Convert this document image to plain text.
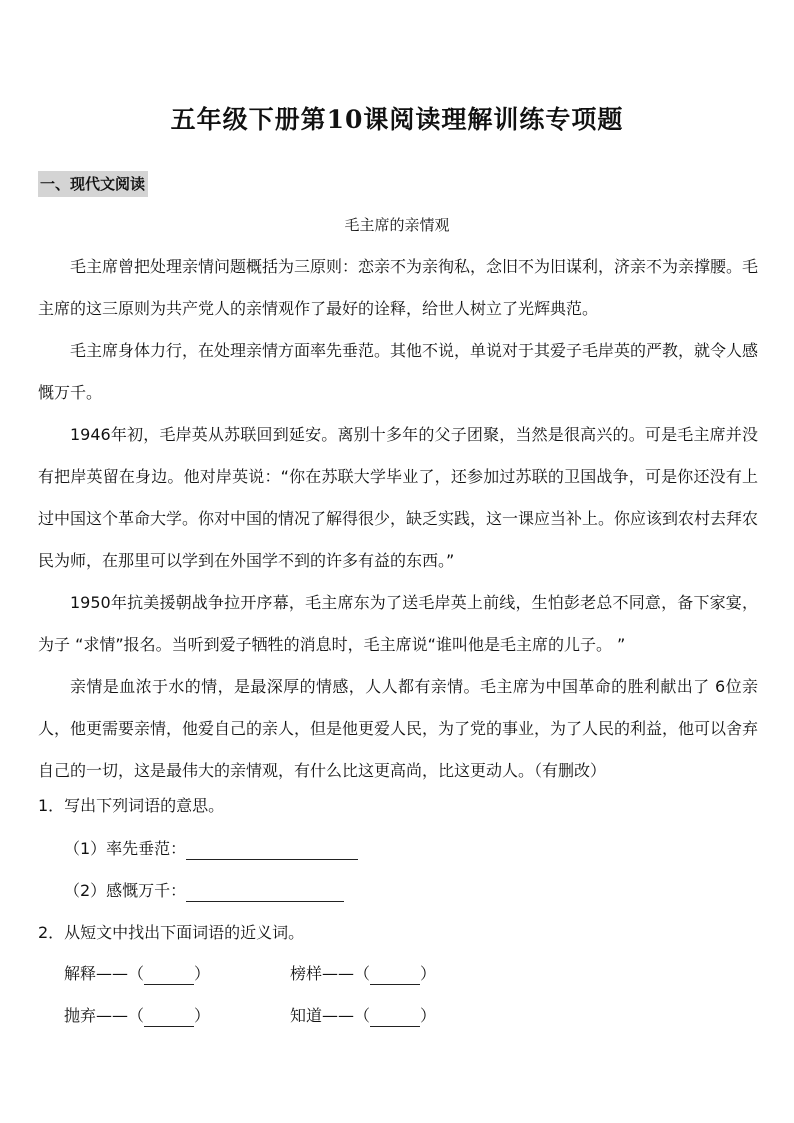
五年级下册第10课阅读理解训练专项题
一、现代文阅读
毛主席的亲情观

毛主席曾把处理亲情问题概括为三原则：恋亲不为亲徇私，念旧不为旧谋利，济亲不为亲撑腰。毛主席的这三原则为共产党人的亲情观作了最好的诠释，给世人树立了光辉典范。

毛主席身体力行，在处理亲情方面率先垂范。其他不说，单说对于其爱子毛岸英的严教，就令人感慨万千。

1946年初，毛岸英从苏联回到延安。离别十多年的父子团聚，当然是很高兴的。可是毛主席并没有把岸英留在身边。他对岸英说：“你在苏联大学毕业了，还参加过苏联的卫国战争，可是你还没有上过中国这个革命大学。你对中国的情况了解得很少，缺乏实践，这一课应当补上。你应该到农村去拜农民为师，在那里可以学到在外国学不到的许多有益的东西。”

1950年抗美援朝战争拉开序幕，毛主席东为了送毛岸英上前线，生怕彭老总不同意，备下家宴，为子 “求情”报名。当听到爱子牺牲的消息时，毛主席说“谁叫他是毛主席的儿子。 ”

亲情是血浓于水的情，是最深厚的情感，人人都有亲情。毛主席为中国革命的胜利献出了 6位亲人，他更需要亲情，他爱自己的亲人，但是他更爱人民，为了党的事业，为了人民的利益，他可以舍弃自己的一切，这是最伟大的亲情观，有什么比这更高尚，比这更动人。（有删改）

1．写出下列词语的意思。
（1）率先垂范：
（2）感慨万千：
2．从短文中找出下面词语的近义词。
解释——（	）	榜样——（	）
抛弃——（	）	知道——（	）
